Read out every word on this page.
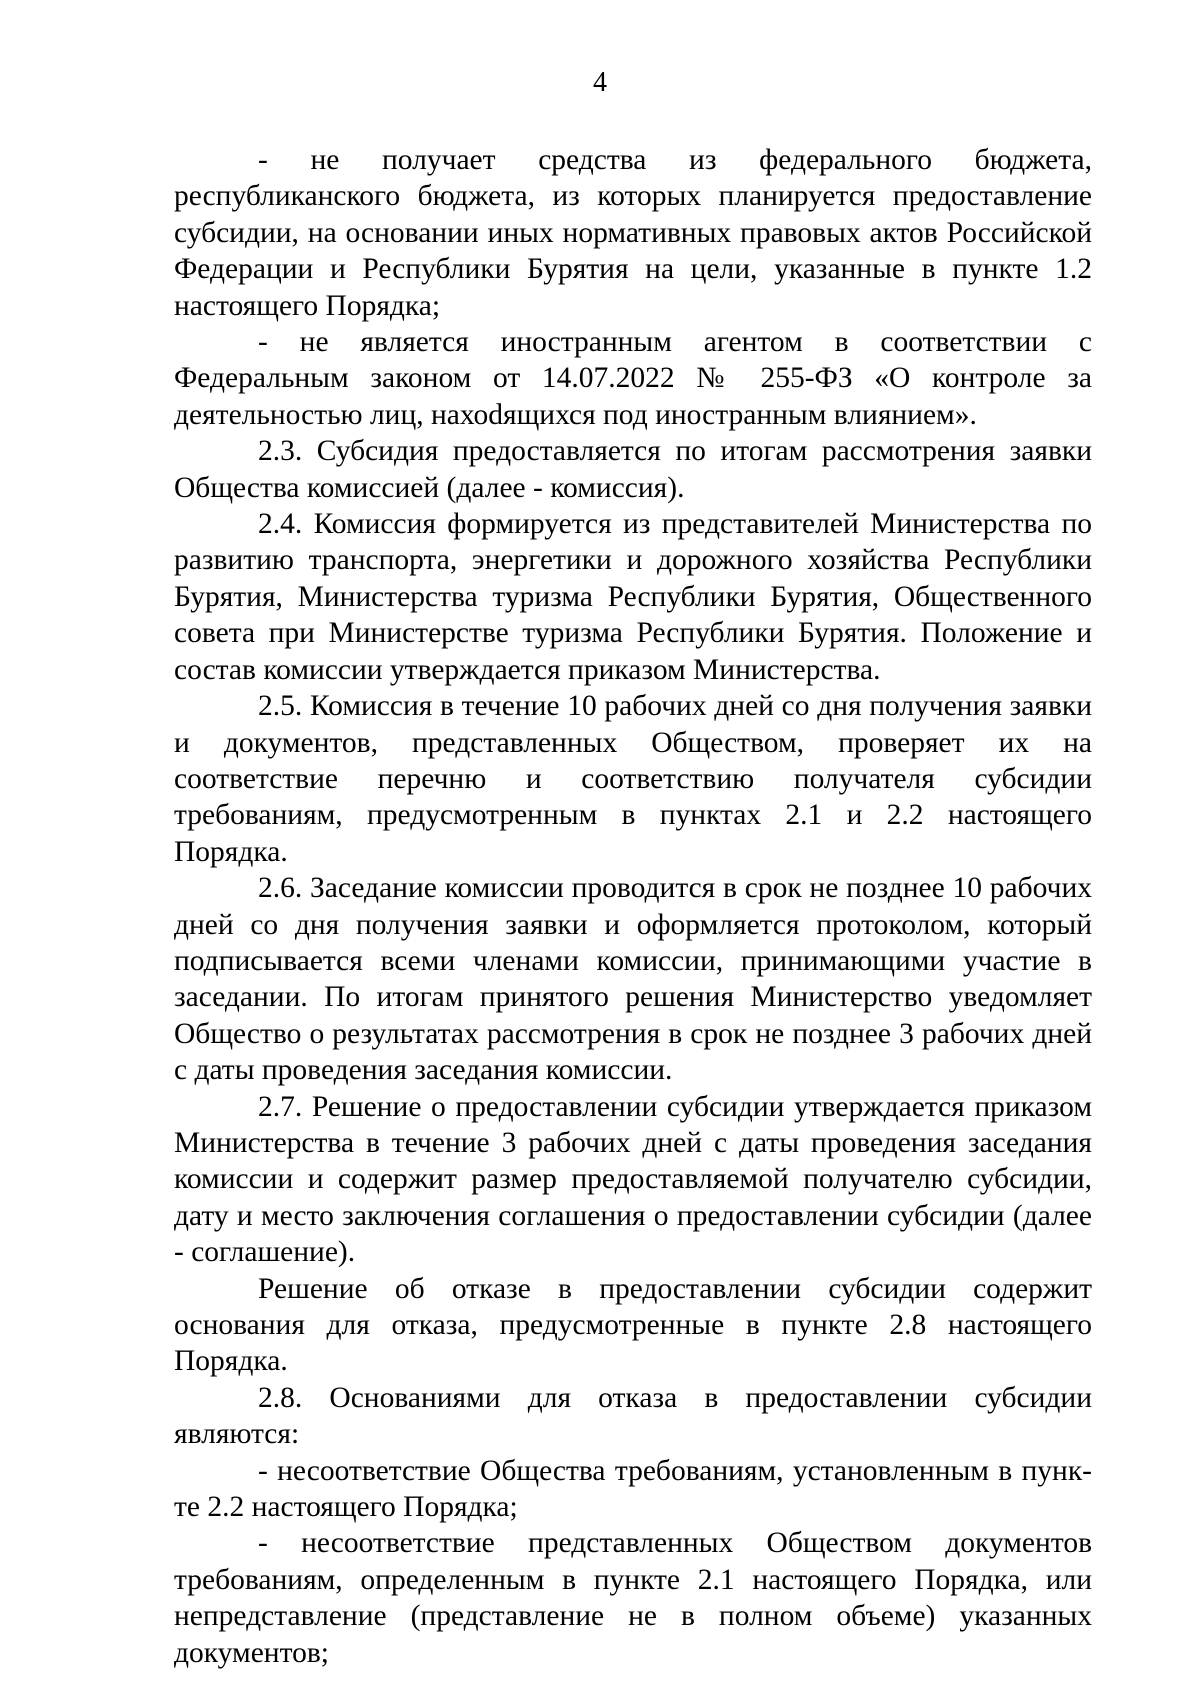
4

- не получает средства из федерального бюджета, республиканского бюджета, из которых планируется предоставление субсидии, на основании иных нормативных правовых актов Российской Федерации и Республики Бурятия на цели, указанные в пункте 1.2 настоящего Порядка;

- не является иностранным агентом в соответствии с Федеральным законом от 14.07.2022 № 255-ФЗ «О контроле за деятельностью лиц, нахоdящихся под иностранным влиянием».

2.3. Субсидия предоставляется по итогам рассмотрения заявки Общества комиссией (далее - комиссия).

2.4. Комиссия формируется из представителей Министерства по развитию транспорта, энергетики и дорожного хозяйства Республики Бурятия, Министерства туризма Республики Бурятия, Общественного совета при Министерстве туризма Республики Бурятия. Положение и состав комиссии утверждается приказом Министерства.

2.5. Комиссия в течение 10 рабочих дней со дня получения заявки и документов, представленных Обществом, проверяет их на соответствие перечню и соответствию получателя субсидии требованиям, предусмотренным в пунктах 2.1 и 2.2 настоящего Порядка.

2.6. Заседание комиссии проводится в срок не позднее 10 рабочих дней со дня получения заявки и оформляется протоколом, который подписывается всеми членами комиссии, принимающими участие в заседании. По итогам принятого решения Министерство уведомляет Общество о результатах рассмотрения в срок не позднее 3 рабочих дней с даты проведения заседания комиссии.

2.7. Решение о предоставлении субсидии утверждается приказом Министерства в течение 3 рабочих дней с даты проведения заседания комиссии и содержит размер предоставляемой получателю субсидии, дату и место заключения соглашения о предоставлении субсидии (далее - соглашение).

Решение об отказе в предоставлении субсидии содержит основания для отказа, предусмотренные в пункте 2.8 настоящего Порядка.

2.8. Основаниями для отказа в предоставлении субсидии являются:

- несоответствие Общества требованиям, установленным в пункте 2.2 настоящего Порядка;

- несоответствие представленных Обществом документов требованиям, определенным в пункте 2.1 настоящего Порядка, или непредставление (представление не в полном объеме) указанных документов;
